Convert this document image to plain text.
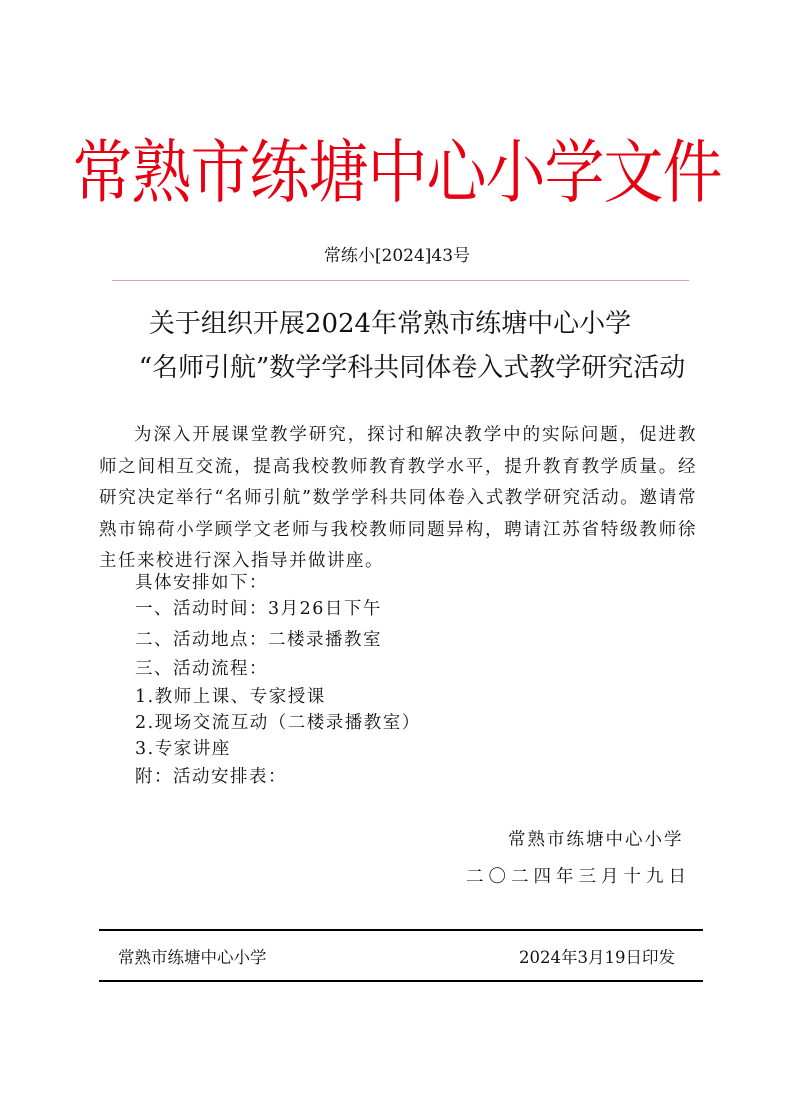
常熟市练塘中心小学文件
常练小[2024]43号
关于组织开展2024年常熟市练塘中心小学
“名师引航”数学学科共同体卷入式教学研究活动
为深入开展课堂教学研究，探讨和解决教学中的实际问题，促进教师之间相互交流，提高我校教师教育教学水平，提升教育教学质量。经研究决定举行“名师引航”数学学科共同体卷入式教学研究活动。邀请常熟市锦荷小学顾学文老师与我校教师同题异构，聘请江苏省特级教师徐主任来校进行深入指导并做讲座。
具体安排如下：
一、活动时间：3月26日下午
二、活动地点：二楼录播教室
三、活动流程：
1.教师上课、专家授课
2.现场交流互动（二楼录播教室）
3.专家讲座
附：活动安排表：
常熟市练塘中心小学
二〇二四年三月十九日
常熟市练塘中心小学	2024年3月19日印发
